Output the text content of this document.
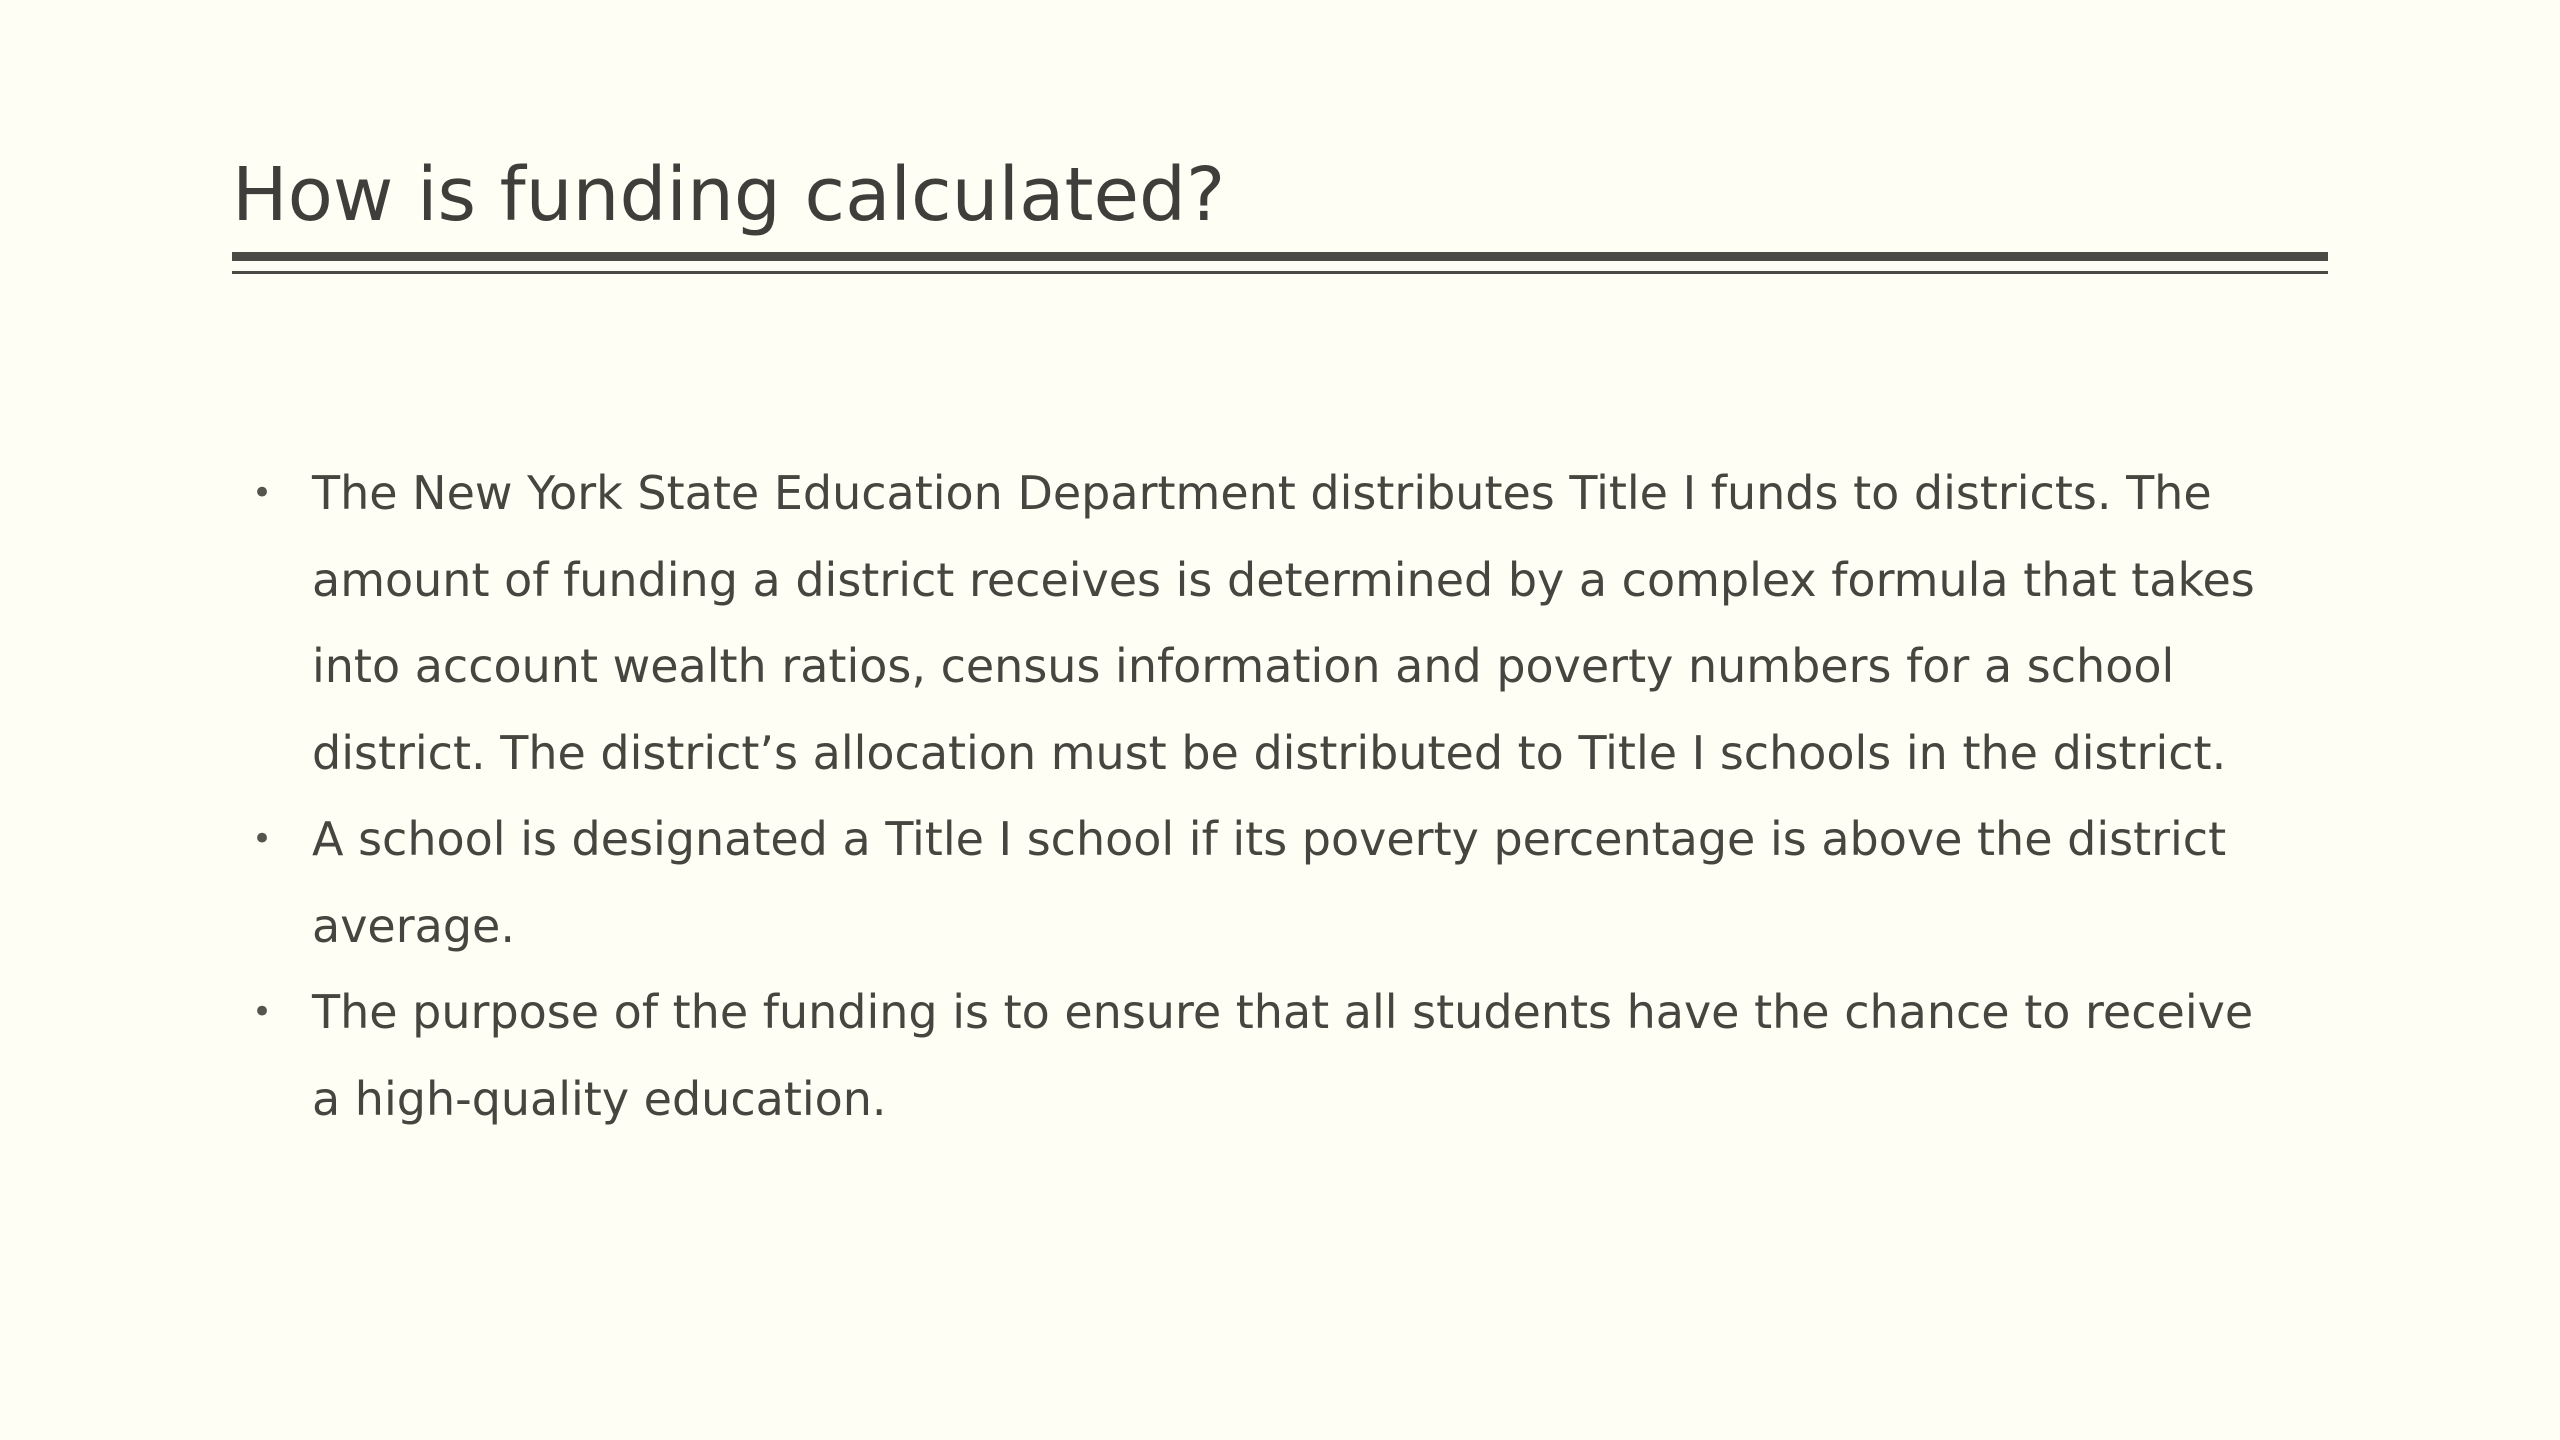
How is funding calculated?
• The New York State Education Department distributes Title I funds to districts. The amount of funding a district receives is determined by a complex formula that takes into account wealth ratios, census information and poverty numbers for a school district. The district’s allocation must be distributed to Title I schools in the district.
• A school is designated a Title I school if its poverty percentage is above the district average.
• The purpose of the funding is to ensure that all students have the chance to receive a high-quality education.
